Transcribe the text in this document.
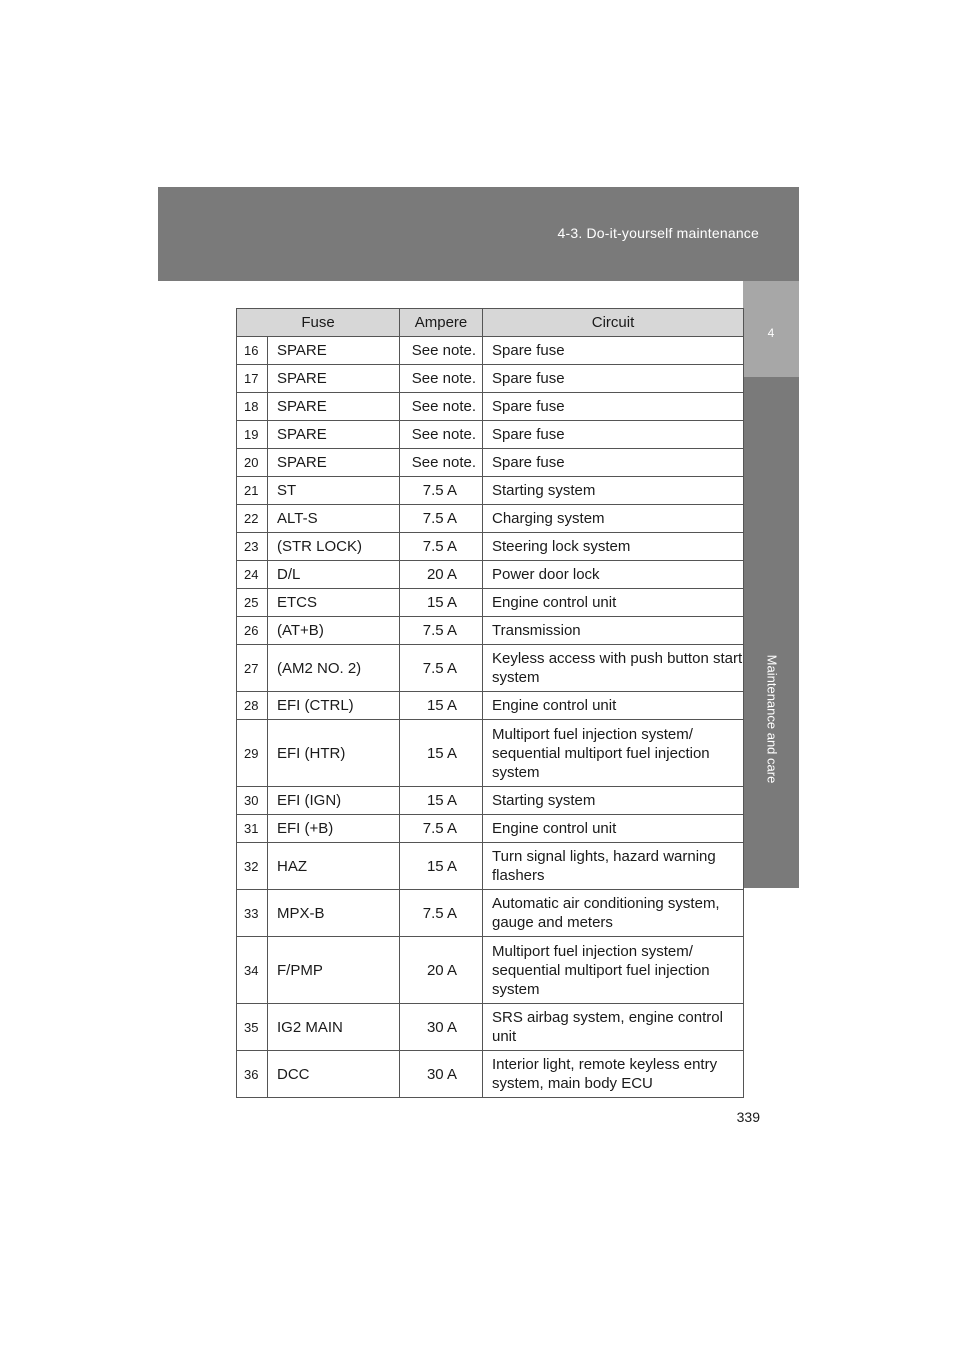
4-3. Do-it-yourself maintenance
4
Maintenance and care
Fuse		Ampere	Circuit
16	SPARE	See note.	Spare fuse
17	SPARE	See note.	Spare fuse
18	SPARE	See note.	Spare fuse
19	SPARE	See note.	Spare fuse
20	SPARE	See note.	Spare fuse
21	ST	7.5 A	Starting system
22	ALT-S	7.5 A	Charging system
23	(STR LOCK)	7.5 A	Steering lock system
24	D/L	20 A	Power door lock
25	ETCS	15 A	Engine control unit
26	(AT+B)	7.5 A	Transmission
27	(AM2 NO. 2)	7.5 A	Keyless access with push button start system
28	EFI (CTRL)	15 A	Engine control unit
29	EFI (HTR)	15 A	Multiport fuel injection system/ sequential multiport fuel injection system
30	EFI (IGN)	15 A	Starting system
31	EFI (+B)	7.5 A	Engine control unit
32	HAZ	15 A	Turn signal lights, hazard warning flashers
33	MPX-B	7.5 A	Automatic air conditioning system, gauge and meters
34	F/PMP	20 A	Multiport fuel injection system/ sequential multiport fuel injection system
35	IG2 MAIN	30 A	SRS airbag system, engine control unit
36	DCC	30 A	Interior light, remote keyless entry system, main body ECU
339
